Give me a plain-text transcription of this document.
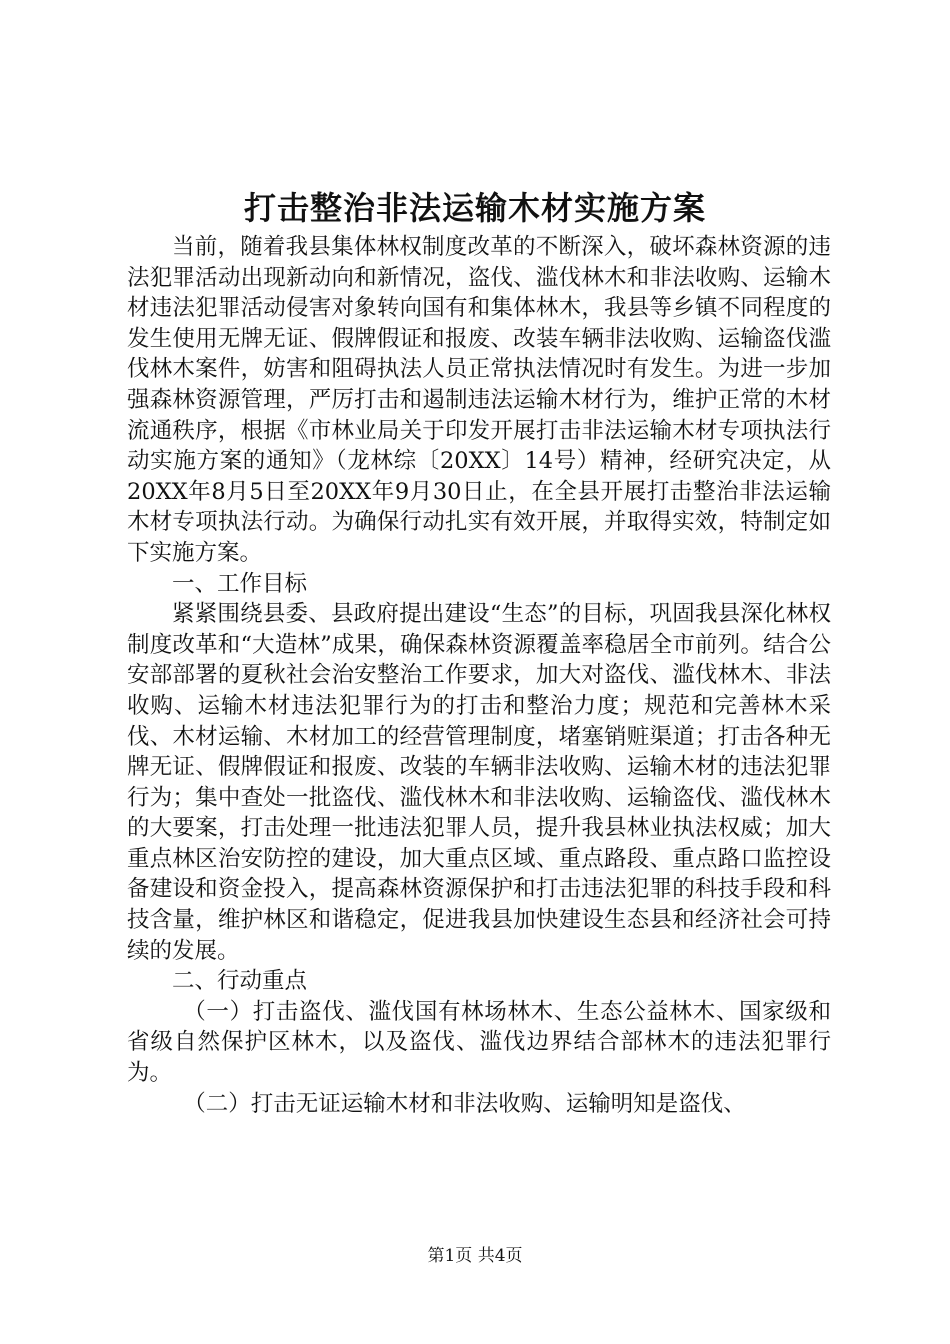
打击整治非法运输木材实施方案

当前，随着我县集体林权制度改革的不断深入，破坏森林资源的违法犯罪活动出现新动向和新情况，盗伐、滥伐林木和非法收购、运输木材违法犯罪活动侵害对象转向国有和集体林木，我县等乡镇不同程度的发生使用无牌无证、假牌假证和报废、改装车辆非法收购、运输盗伐滥伐林木案件，妨害和阻碍执法人员正常执法情况时有发生。为进一步加强森林资源管理，严厉打击和遏制违法运输木材行为，维护正常的木材流通秩序，根据《市林业局关于印发开展打击非法运输木材专项执法行动实施方案的通知》（龙林综〔20XX〕14号）精神，经研究决定，从20XX年8月5日至20XX年9月30日止，在全县开展打击整治非法运输木材专项执法行动。为确保行动扎实有效开展，并取得实效，特制定如下实施方案。

一、工作目标

紧紧围绕县委、县政府提出建设“生态”的目标，巩固我县深化林权制度改革和“大造林”成果，确保森林资源覆盖率稳居全市前列。结合公安部部署的夏秋社会治安整治工作要求，加大对盗伐、滥伐林木、非法收购、运输木材违法犯罪行为的打击和整治力度；规范和完善林木采伐、木材运输、木材加工的经营管理制度，堵塞销赃渠道；打击各种无牌无证、假牌假证和报废、改装的车辆非法收购、运输木材的违法犯罪行为；集中查处一批盗伐、滥伐林木和非法收购、运输盗伐、滥伐林木的大要案，打击处理一批违法犯罪人员，提升我县林业执法权威；加大重点林区治安防控的建设，加大重点区域、重点路段、重点路口监控设备建设和资金投入，提高森林资源保护和打击违法犯罪的科技手段和科技含量，维护林区和谐稳定，促进我县加快建设生态县和经济社会可持续的发展。

二、行动重点

（一）打击盗伐、滥伐国有林场林木、生态公益林木、国家级和省级自然保护区林木，以及盗伐、滥伐边界结合部林木的违法犯罪行为。

（二）打击无证运输木材和非法收购、运输明知是盗伐、

第1页 共4页
